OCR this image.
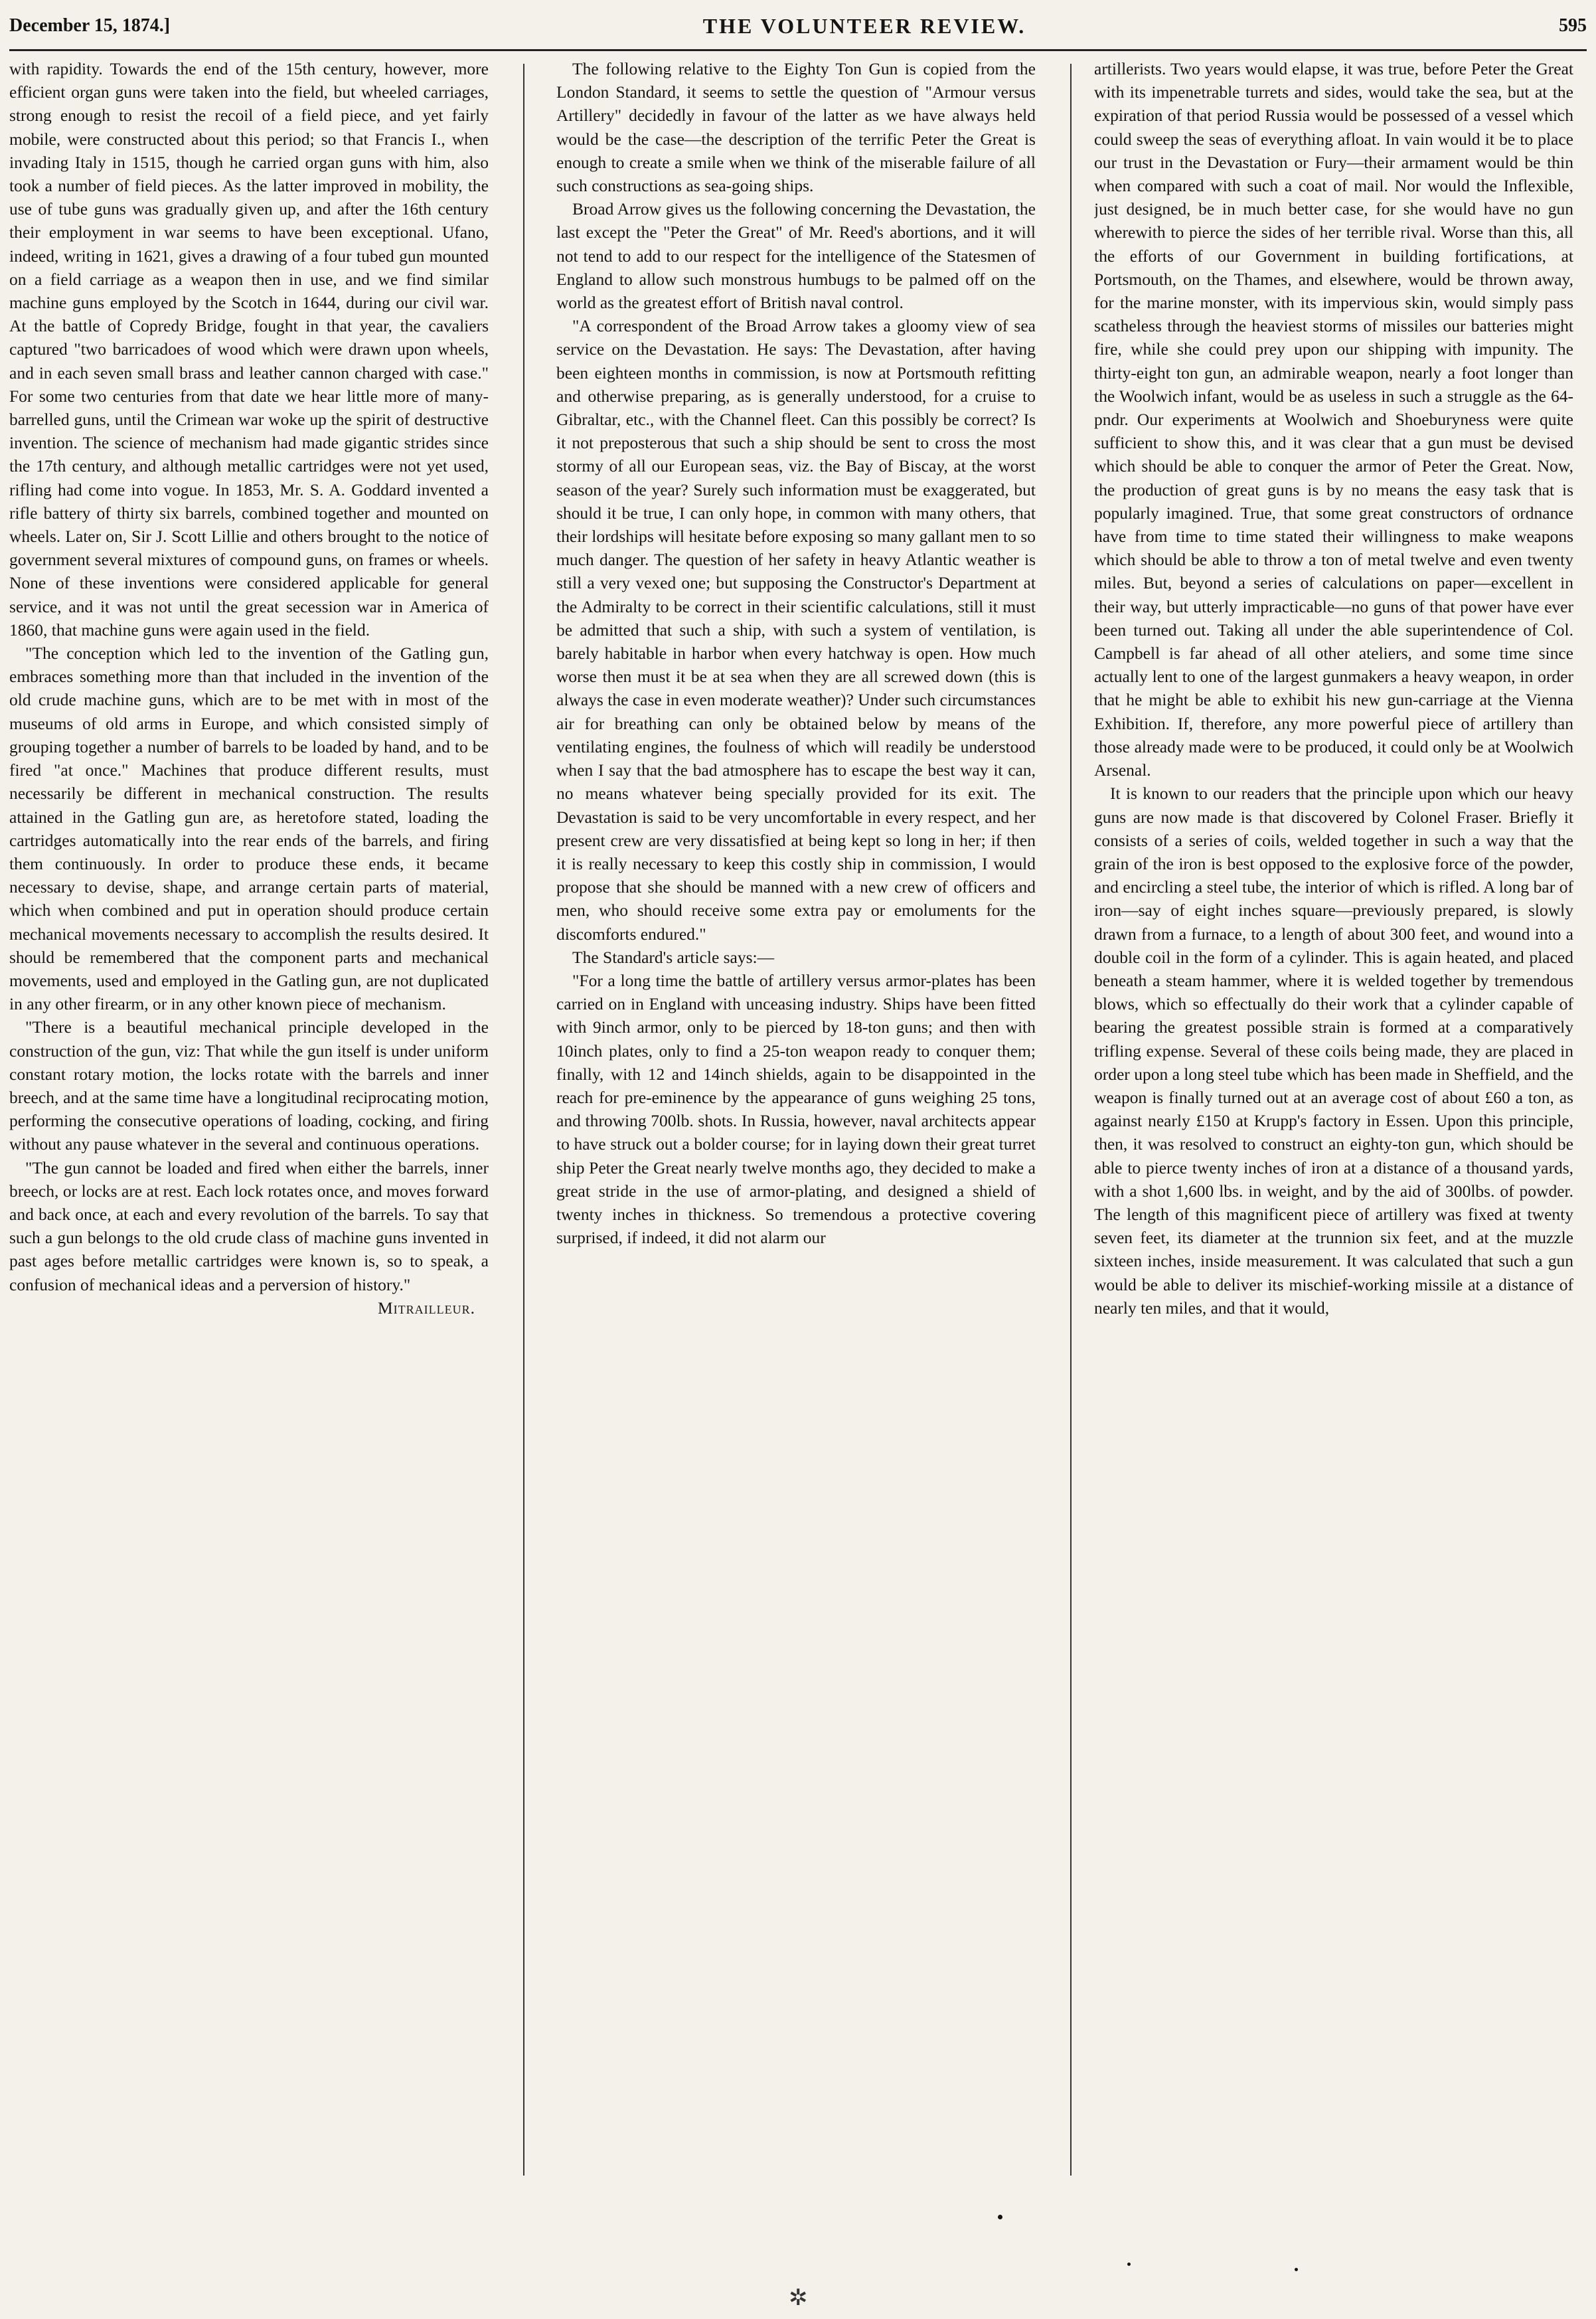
December 15, 1874.]	THE VOLUNTEER REVIEW.	595

with rapidity. Towards the end of the 15th century, however, more efficient organ guns were taken into the field, but wheeled carriages, strong enough to resist the recoil of a field piece, and yet fairly mobile, were constructed about this period; so that Francis I., when invading Italy in 1515, though he carried organ guns with him, also took a number of field pieces. As the latter improved in mobility, the use of tube guns was gradually given up, and after the 16th century their employment in war seems to have been exceptional. Ufano, indeed, writing in 1621, gives a drawing of a four tubed gun mounted on a field carriage as a weapon then in use, and we find similar machine guns employed by the Scotch in 1644, during our civil war. At the battle of Copredy Bridge, fought in that year, the cavaliers captured "two barricadoes of wood which were drawn upon wheels, and in each seven small brass and leather cannon charged with case." For some two centuries from that date we hear little more of many-barrelled guns, until the Crimean war woke up the spirit of destructive invention. The science of mechanism had made gigantic strides since the 17th century, and although metallic cartridges were not yet used, rifling had come into vogue. In 1853, Mr. S. A. Goddard invented a rifle battery of thirty six barrels, combined together and mounted on wheels. Later on, Sir J. Scott Lillie and others brought to the notice of government several mixtures of compound guns, on frames or wheels. None of these inventions were considered applicable for general service, and it was not until the great secession war in America of 1860, that machine guns were again used in the field.

"The conception which led to the invention of the Gatling gun, embraces something more than that included in the invention of the old crude machine guns, which are to be met with in most of the museums of old arms in Europe, and which consisted simply of grouping together a number of barrels to be loaded by hand, and to be fired "at once." Machines that produce different results, must necessarily be different in mechanical construction. The results attained in the Gatling gun are, as heretofore stated, loading the cartridges automatically into the rear ends of the barrels, and firing them continuously. In order to produce these ends, it became necessary to devise, shape, and arrange certain parts of material, which when combined and put in operation should produce certain mechanical movements necessary to accomplish the results desired. It should be remembered that the component parts and mechanical movements, used and employed in the Gatling gun, are not duplicated in any other firearm, or in any other known piece of mechanism.

"There is a beautiful mechanical principle developed in the construction of the gun, viz: That while the gun itself is under uniform constant rotary motion, the locks rotate with the barrels and inner breech, and at the same time have a longitudinal reciprocating motion, performing the consecutive operations of loading, cocking, and firing without any pause whatever in the several and continuous operations.

"The gun cannot be loaded and fired when either the barrels, inner breech, or locks are at rest. Each lock rotates once, and moves forward and back once, at each and every revolution of the barrels. To say that such a gun belongs to the old crude class of machine guns invented in past ages before metallic cartridges were known is, so to speak, a confusion of mechanical ideas and a perversion of history."

Mitrailleur.

The following relative to the Eighty Ton Gun is copied from the London Standard, it seems to settle the question of "Armour versus Artillery" decidedly in favour of the latter as we have always held would be the case—the description of the terrific Peter the Great is enough to create a smile when we think of the miserable failure of all such constructions as sea-going ships.

Broad Arrow gives us the following concerning the Devastation, the last except the "Peter the Great" of Mr. Reed's abortions, and it will not tend to add to our respect for the intelligence of the Statesmen of England to allow such monstrous humbugs to be palmed off on the world as the greatest effort of British naval control.

"A correspondent of the Broad Arrow takes a gloomy view of sea service on the Devastation. He says: The Devastation, after having been eighteen months in commission, is now at Portsmouth refitting and otherwise preparing, as is generally understood, for a cruise to Gibraltar, etc., with the Channel fleet. Can this possibly be correct? Is it not preposterous that such a ship should be sent to cross the most stormy of all our European seas, viz. the Bay of Biscay, at the worst season of the year? Surely such information must be exaggerated, but should it be true, I can only hope, in common with many others, that their lordships will hesitate before exposing so many gallant men to so much danger. The question of her safety in heavy Atlantic weather is still a very vexed one; but supposing the Constructor's Department at the Admiralty to be correct in their scientific calculations, still it must be admitted that such a ship, with such a system of ventilation, is barely habitable in harbor when every hatchway is open. How much worse then must it be at sea when they are all screwed down (this is always the case in even moderate weather)? Under such circumstances air for breathing can only be obtained below by means of the ventilating engines, the foulness of which will readily be understood when I say that the bad atmosphere has to escape the best way it can, no means whatever being specially provided for its exit. The Devastation is said to be very uncomfortable in every respect, and her present crew are very dissatisfied at being kept so long in her; if then it is really necessary to keep this costly ship in commission, I would propose that she should be manned with a new crew of officers and men, who should receive some extra pay or emoluments for the discomforts endured."

The Standard's article says:—

"For a long time the battle of artillery versus armor-plates has been carried on in England with unceasing industry. Ships have been fitted with 9inch armor, only to be pierced by 18-ton guns; and then with 10inch plates, only to find a 25-ton weapon ready to conquer them; finally, with 12 and 14inch shields, again to be disappointed in the reach for pre-eminence by the appearance of guns weighing 25 tons, and throwing 700lb. shots. In Russia, however, naval architects appear to have struck out a bolder course; for in laying down their great turret ship Peter the Great nearly twelve months ago, they decided to make a great stride in the use of armor-plating, and designed a shield of twenty inches in thickness. So tremendous a protective covering surprised, if indeed, it did not alarm our

artillerists. Two years would elapse, it was true, before Peter the Great with its impenetrable turrets and sides, would take the sea, but at the expiration of that period Russia would be possessed of a vessel which could sweep the seas of everything afloat. In vain would it be to place our trust in the Devastation or Fury—their armament would be thin when compared with such a coat of mail. Nor would the Inflexible, just designed, be in much better case, for she would have no gun wherewith to pierce the sides of her terrible rival. Worse than this, all the efforts of our Government in building fortifications, at Portsmouth, on the Thames, and elsewhere, would be thrown away, for the marine monster, with its impervious skin, would simply pass scatheless through the heaviest storms of missiles our batteries might fire, while she could prey upon our shipping with impunity. The thirty-eight ton gun, an admirable weapon, nearly a foot longer than the Woolwich infant, would be as useless in such a struggle as the 64-pndr. Our experiments at Woolwich and Shoeburyness were quite sufficient to show this, and it was clear that a gun must be devised which should be able to conquer the armor of Peter the Great. Now, the production of great guns is by no means the easy task that is popularly imagined. True, that some great constructors of ordnance have from time to time stated their willingness to make weapons which should be able to throw a ton of metal twelve and even twenty miles. But, beyond a series of calculations on paper—excellent in their way, but utterly impracticable—no guns of that power have ever been turned out. Taking all under the able superintendence of Col. Campbell is far ahead of all other ateliers, and some time since actually lent to one of the largest gunmakers a heavy weapon, in order that he might be able to exhibit his new gun-carriage at the Vienna Exhibition. If, therefore, any more powerful piece of artillery than those already made were to be produced, it could only be at Woolwich Arsenal.

It is known to our readers that the principle upon which our heavy guns are now made is that discovered by Colonel Fraser. Briefly it consists of a series of coils, welded together in such a way that the grain of the iron is best opposed to the explosive force of the powder, and encircling a steel tube, the interior of which is rifled. A long bar of iron—say of eight inches square—previously prepared, is slowly drawn from a furnace, to a length of about 300 feet, and wound into a double coil in the form of a cylinder. This is again heated, and placed beneath a steam hammer, where it is welded together by tremendous blows, which so effectually do their work that a cylinder capable of bearing the greatest possible strain is formed at a comparatively trifling expense. Several of these coils being made, they are placed in order upon a long steel tube which has been made in Sheffield, and the weapon is finally turned out at an average cost of about £60 a ton, as against nearly £150 at Krupp's factory in Essen. Upon this principle, then, it was resolved to construct an eighty-ton gun, which should be able to pierce twenty inches of iron at a distance of a thousand yards, with a shot 1,600 lbs. in weight, and by the aid of 300lbs. of powder. The length of this magnificent piece of artillery was fixed at twenty seven feet, its diameter at the trunnion six feet, and at the muzzle sixteen inches, inside measurement. It was calculated that such a gun would be able to deliver its mischief-working missile at a distance of nearly ten miles, and that it would,

✲
